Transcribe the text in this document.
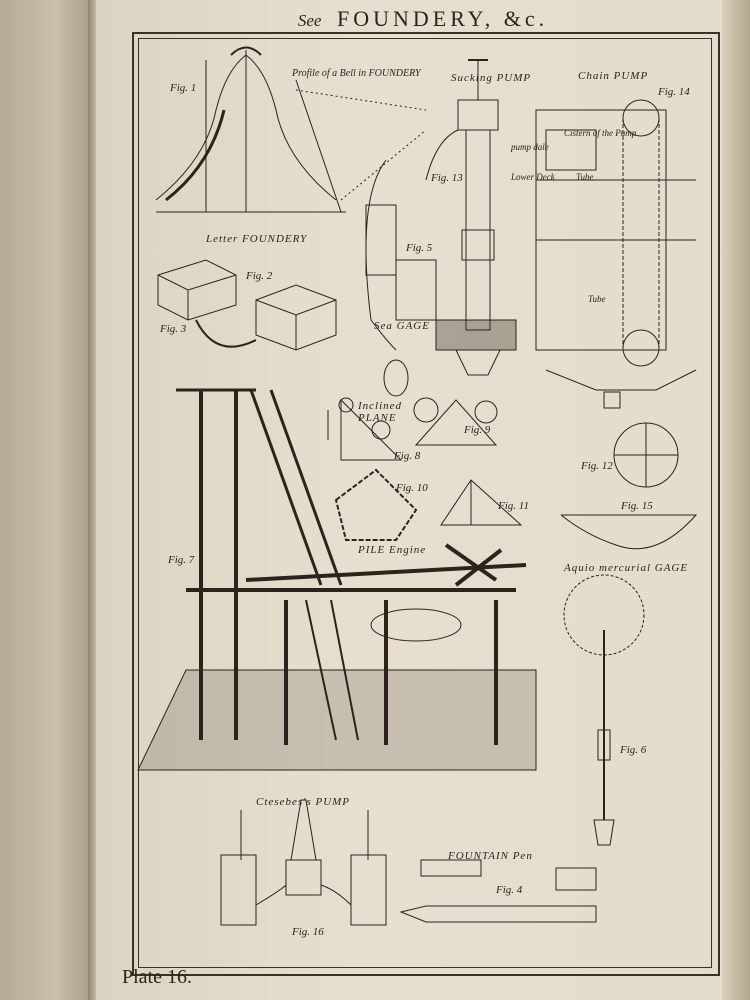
See FOUNDERY, &c.
Fig. 1
Profile of a Bell in FOUNDERY	Sucking PUMP	Chain PUMP
Fig. 14
Cistern of the Pump
pump dale
Lower Deck Tube
Tube
Fig. 13
Letter FOUNDERY
Fig. 2
Fig. 3
Fig. 5
Sea GAGE
Inclined PLANE
Fig. 8
Fig. 9
Fig. 10
Fig. 11
Fig. 12
Fig. 15
Fig. 7
PILE Engine
Aquio mercurial GAGE
Fig. 6
Ctesebes's PUMP
Fig. 16
FOUNTAIN Pen
Fig. 4
Plate 16.
